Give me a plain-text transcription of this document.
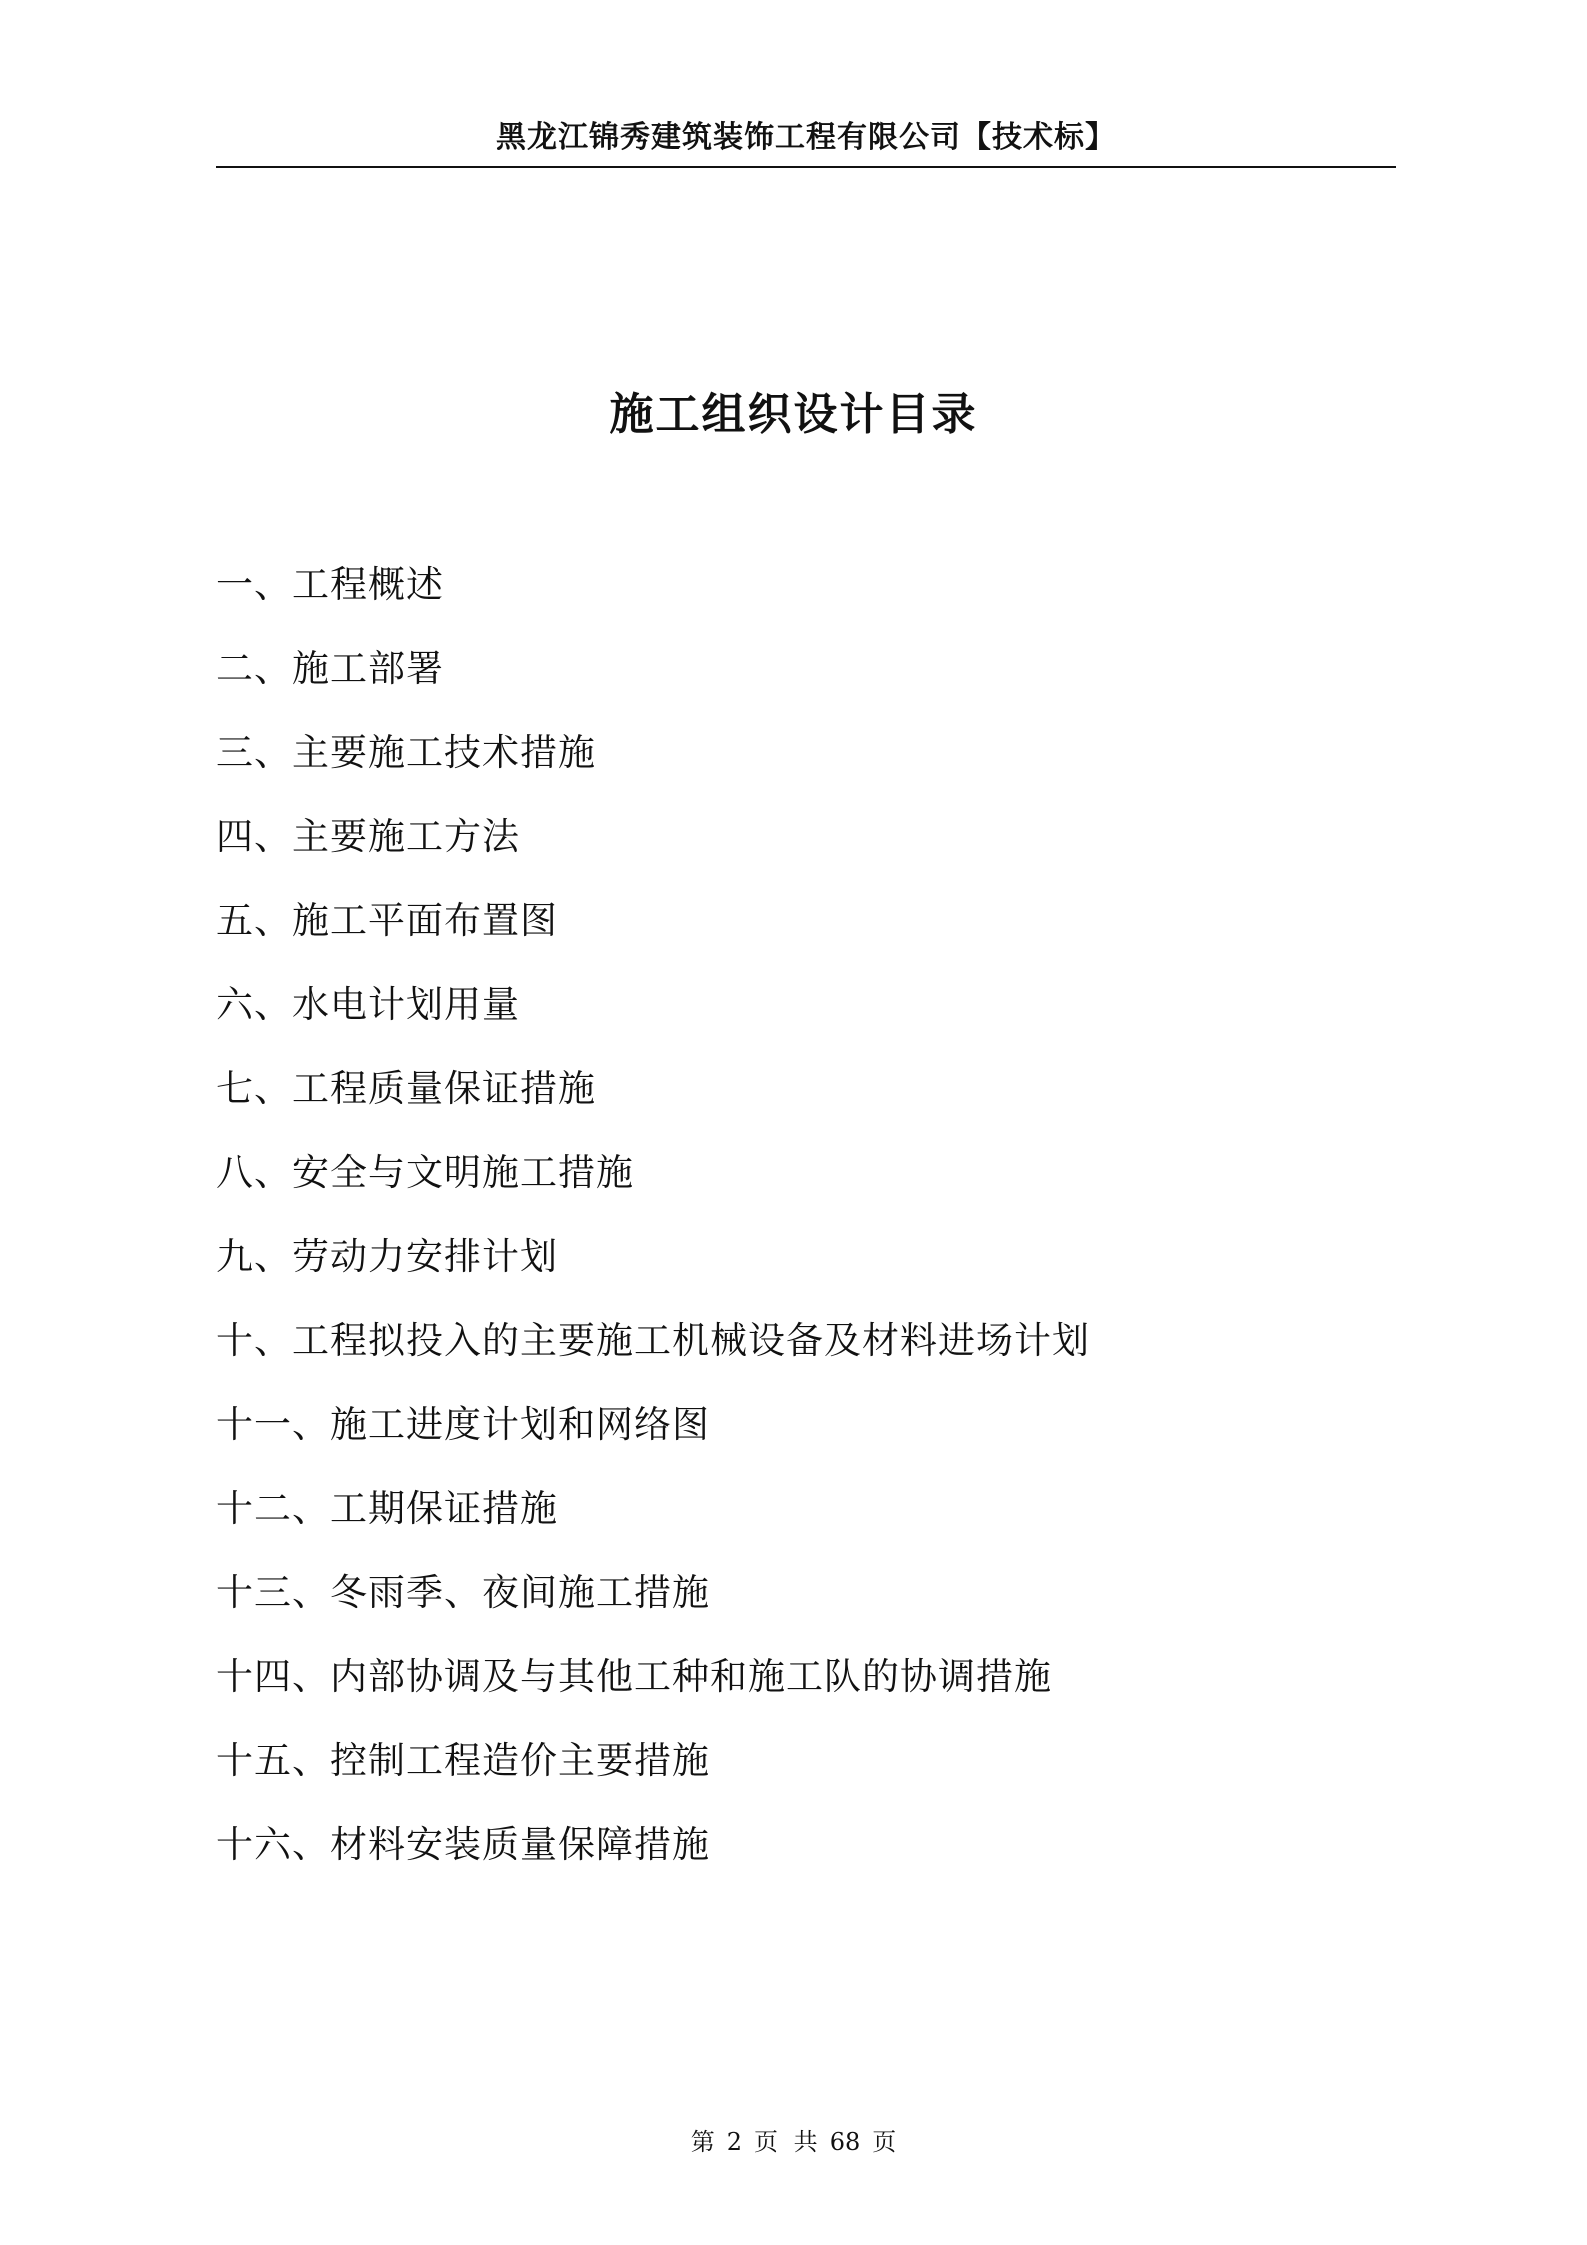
黑龙江锦秀建筑装饰工程有限公司【技术标】
施工组织设计目录
一、工程概述
二、施工部署
三、主要施工技术措施
四、主要施工方法
五、施工平面布置图
六、水电计划用量
七、工程质量保证措施
八、安全与文明施工措施
九、劳动力安排计划
十、工程拟投入的主要施工机械设备及材料进场计划
十一、施工进度计划和网络图
十二、工期保证措施
十三、冬雨季、夜间施工措施
十四、内部协调及与其他工种和施工队的协调措施
十五、控制工程造价主要措施
十六、材料安装质量保障措施
第 2 页 共 68 页
